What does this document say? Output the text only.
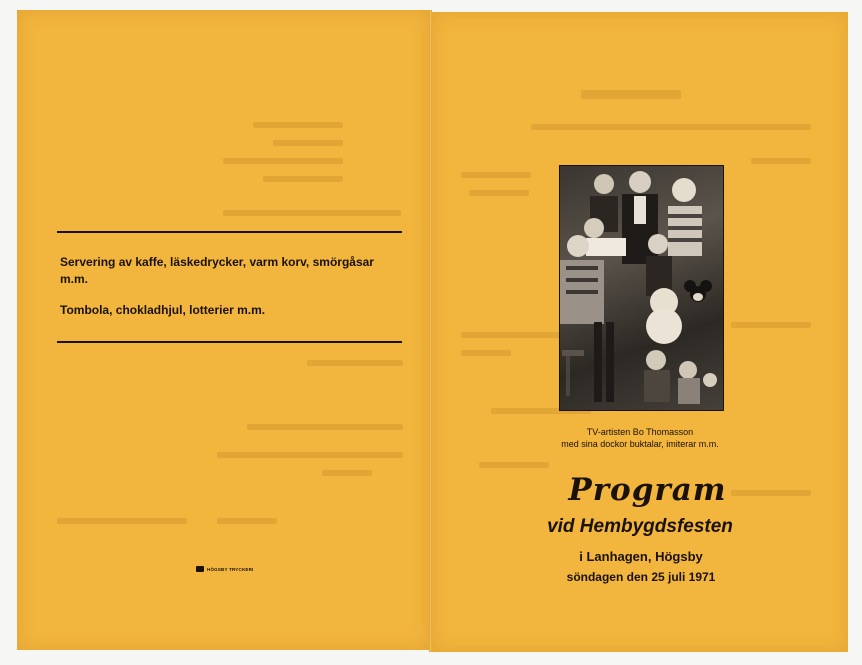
Servering av kaffe, läskedrycker, varm korv, smörgåsar m.m.
Tombola, chokladhjul, lotterier m.m.
HÖGSBY TRYCKERI
TV-artisten Bo Thomasson
med sina dockor buktalar, imiterar m.m.
Program
vid Hembygdsfesten
i Lanhagen, Högsby
söndagen den 25 juli 1971
